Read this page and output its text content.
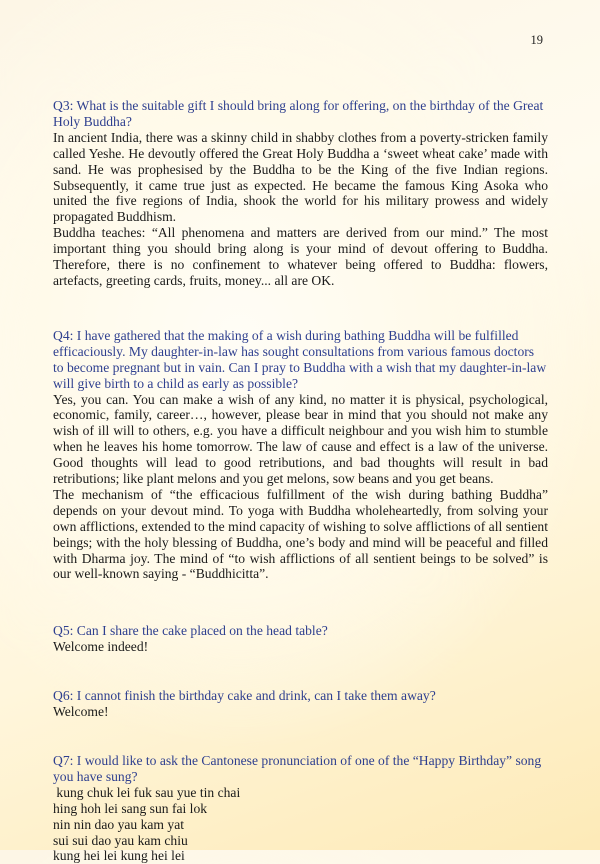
19

Q3: What is the suitable gift I should bring along for offering, on the birthday of the Great Holy Buddha?

In ancient India, there was a skinny child in shabby clothes from a poverty-stricken family called Yeshe. He devoutly offered the Great Holy Buddha a ‘sweet wheat cake’ made with sand. He was prophesised by the Buddha to be the King of the five Indian regions. Subsequently, it came true just as expected. He became the famous King Asoka who united the five regions of India, shook the world for his military prowess and widely propagated Buddhism.

Buddha teaches: “All phenomena and matters are derived from our mind.” The most important thing you should bring along is your mind of devout offering to Buddha. Therefore, there is no confinement to whatever being offered to Buddha: flowers, artefacts, greeting cards, fruits, money... all are OK.

Q4: I have gathered that the making of a wish during bathing Buddha will be fulfilled efficaciously. My daughter-in-law has sought consultations from various famous doctors to become pregnant but in vain. Can I pray to Buddha with a wish that my daughter-in-law will give birth to a child as early as possible?

Yes, you can. You can make a wish of any kind, no matter it is physical, psychological, economic, family, career…, however, please bear in mind that you should not make any wish of ill will to others, e.g. you have a difficult neighbour and you wish him to stumble when he leaves his home tomorrow. The law of cause and effect is a law of the universe. Good thoughts will lead to good retributions, and bad thoughts will result in bad retributions; like plant melons and you get melons, sow beans and you get beans.

The mechanism of “the efficacious fulfillment of the wish during bathing Buddha” depends on your devout mind. To yoga with Buddha wholeheartedly, from solving your own afflictions, extended to the mind capacity of wishing to solve afflictions of all sentient beings; with the holy blessing of Buddha, one’s body and mind will be peaceful and filled with Dharma joy. The mind of “to wish afflictions of all sentient beings to be solved” is our well-known saying - “Buddhicitta”.

Q5: Can I share the cake placed on the head table?

Welcome indeed!

Q6: I cannot finish the birthday cake and drink, can I take them away?

Welcome!

Q7: I would like to ask the Cantonese pronunciation of one of the “Happy Birthday” song you have sung?

kung chuk lei fuk sau yue tin chai
hing hoh lei sang sun fai lok
nin nin dao yau kam yat
sui sui dao yau kam chiu
kung hei lei kung hei lei
